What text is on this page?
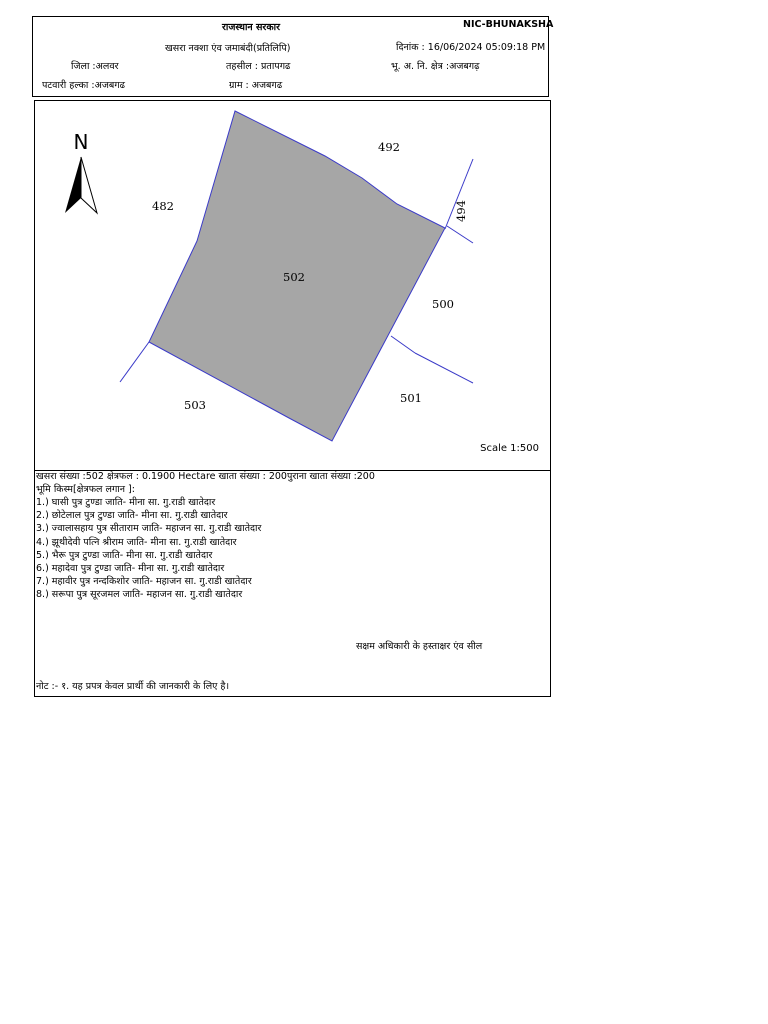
राजस्थान सरकार	NIC-BHUNAKSHA
खसरा नक्शा एंव जमाबंदी(प्रतिलिपि)	दिनांक : 16/06/2024 05:09:18 PM
जिला :अलवर	तहसील : प्रतापगढ	भू. अ. नि. क्षेत्र :अजबगढ़
पटवारी हल्का :अजबगढ	ग्राम : अजबगढ
N	492
482	494
502
500
501
503
Scale 1:500
खसरा संख्या :502 क्षेत्रफल : 0.1900 Hectare खाता संख्या : 200पुराना खाता संख्या :200
भूमि किस्म[क्षेत्रफल लगान ]:
1.) घासी पुत्र टुण्डा जाति- मीना सा. गु.राडी खातेदार
2.) छोटेलाल पुत्र टुण्डा जाति- मीना सा. गु.राडी खातेदार
3.) ज्वालासहाय पुत्र सीताराम जाति- महाजन सा. गु.राडी खातेदार
4.) झूथीदेवी पत्नि श्रीराम जाति- मीना सा. गु.राडी खातेदार
5.) भैरू पुत्र टुण्डा जाति- मीना सा. गु.राडी खातेदार
6.) महादेवा पुत्र टुण्डा जाति- मीना सा. गु.राडी खातेदार
7.) महावीर पुत्र नन्दकिशोर जाति- महाजन सा. गु.राडी खातेदार
8.) सरूपा पुत्र सूरजमल जाति- महाजन सा. गु.राडी खातेदार
सक्षम अधिकारी के हस्ताक्षर एंव सील
नोट :- १. यह प्रपत्र केवल प्रार्थी की जानकारी के लिए है।
